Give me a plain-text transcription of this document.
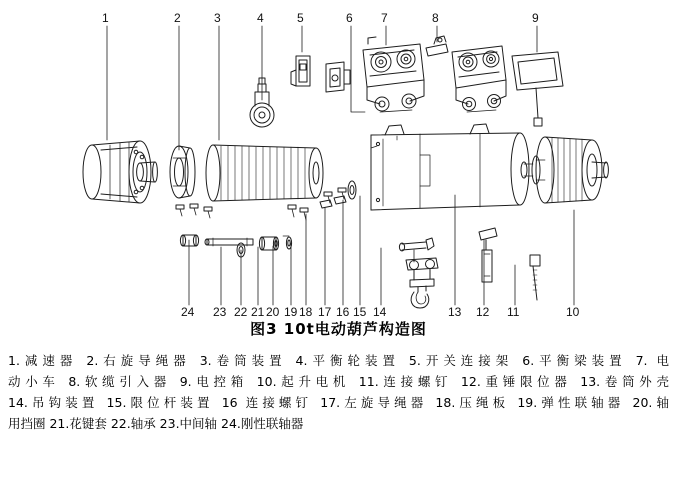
1	2	3	4	5	6 7	8	9
24 23 22 21 20 19 18 17 16 15 14	13 12 11	10
图3 10t电动葫芦构造图
1.减速器 2.右旋导绳器 3.卷筒装置 4.平衡轮装置 5.开关连接架 6.平衡梁装置 7. 电
动小车 8.软缆引入器 9.电控箱 10.起升电机 11.连接螺钉 12.重锤限位器 13.卷筒外壳
14.吊钩装置 15.限位杆装置 16 连接螺钉 17.左旋导绳器 18.压绳板 19.弹性联轴器 20.轴
用挡圈 21.花键套 22.轴承 23.中间轴 24.刚性联轴器
